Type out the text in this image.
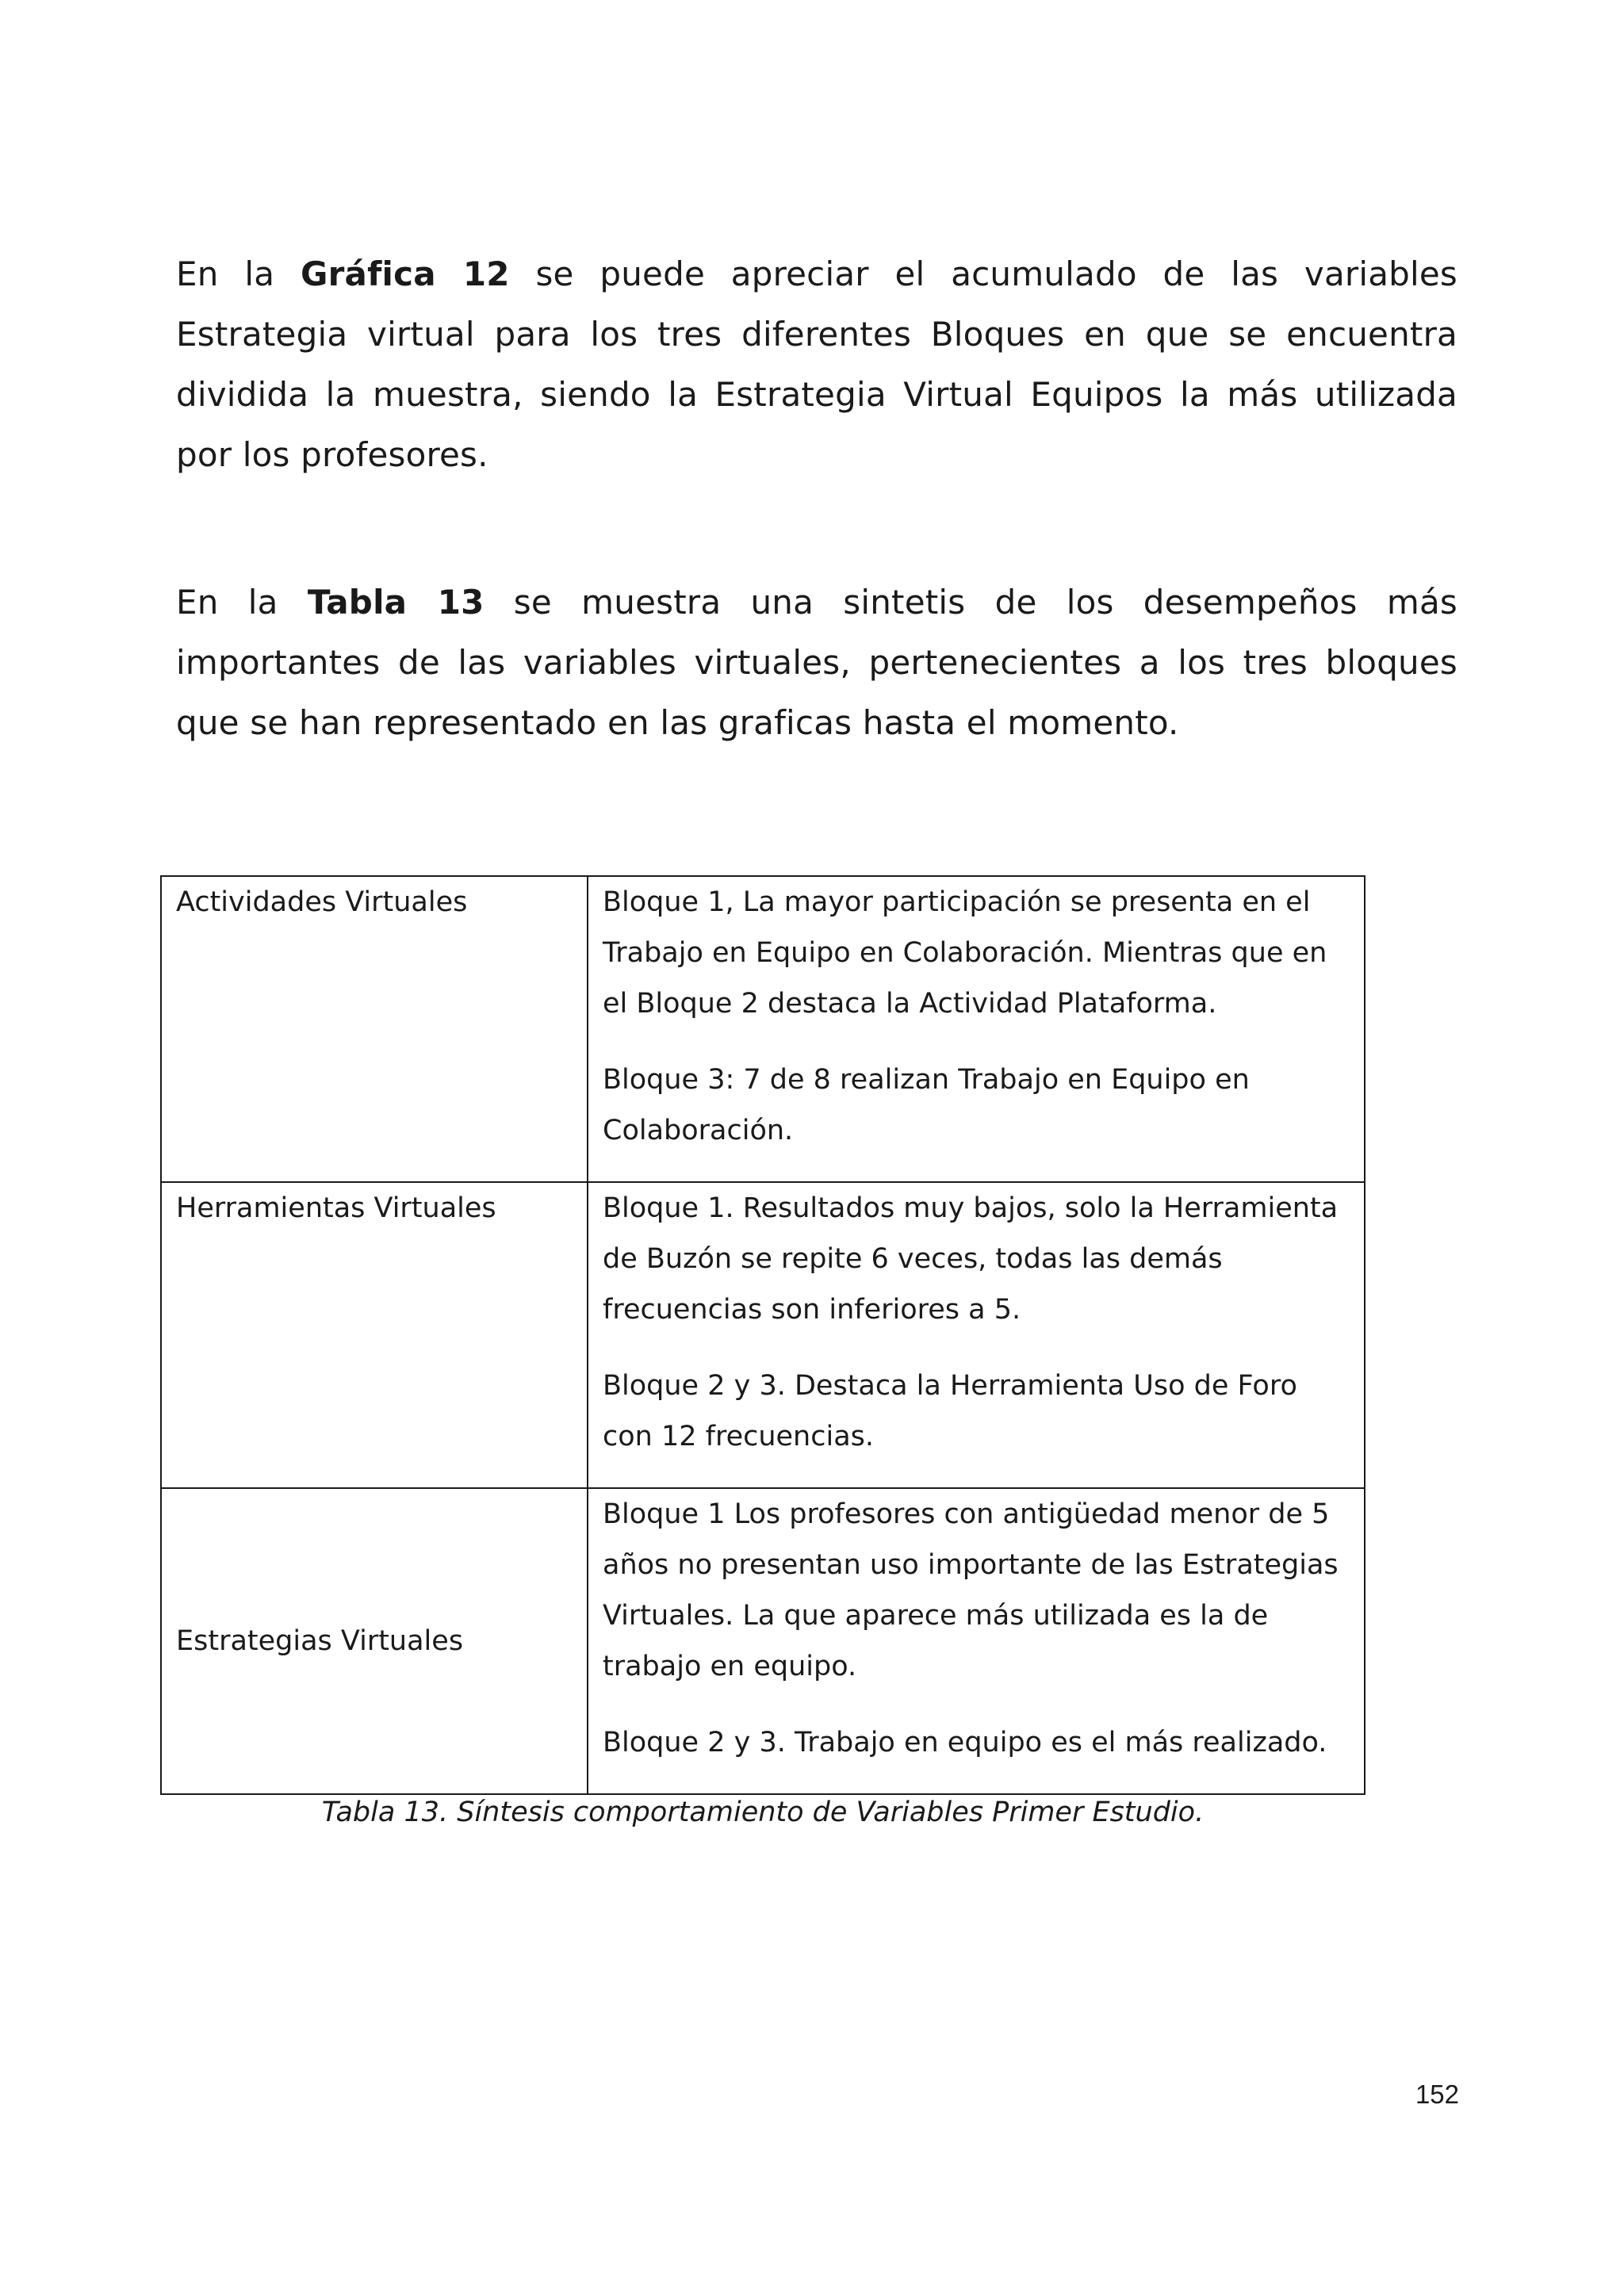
En la Gráfica 12 se puede apreciar el acumulado de las variables Estrategia virtual para los tres diferentes Bloques en que se encuentra dividida la muestra, siendo la Estrategia Virtual Equipos la más utilizada por los profesores.

En la Tabla 13 se muestra una sintetis de los desempeños más importantes de las variables virtuales, pertenecientes a los tres bloques que se han representado en las graficas hasta el momento.

Actividades Virtuales	Bloque 1, La mayor participación se presenta en el Trabajo en Equipo en Colaboración. Mientras que en el Bloque 2 destaca la Actividad Plataforma.

Bloque 3: 7 de 8 realizan Trabajo en Equipo en Colaboración.

Herramientas Virtuales	Bloque 1. Resultados muy bajos, solo la Herramienta de Buzón se repite 6 veces, todas las demás frecuencias son inferiores a 5.

Bloque 2 y 3. Destaca la Herramienta Uso de Foro con 12 frecuencias.

Estrategias Virtuales	Bloque 1 Los profesores con antigüedad menor de 5 años no presentan uso importante de las Estrategias Virtuales. La que aparece más utilizada es la de trabajo en equipo.

Bloque 2 y 3. Trabajo en equipo es el más realizado.

Tabla 13. Síntesis comportamiento de Variables Primer Estudio.

152
